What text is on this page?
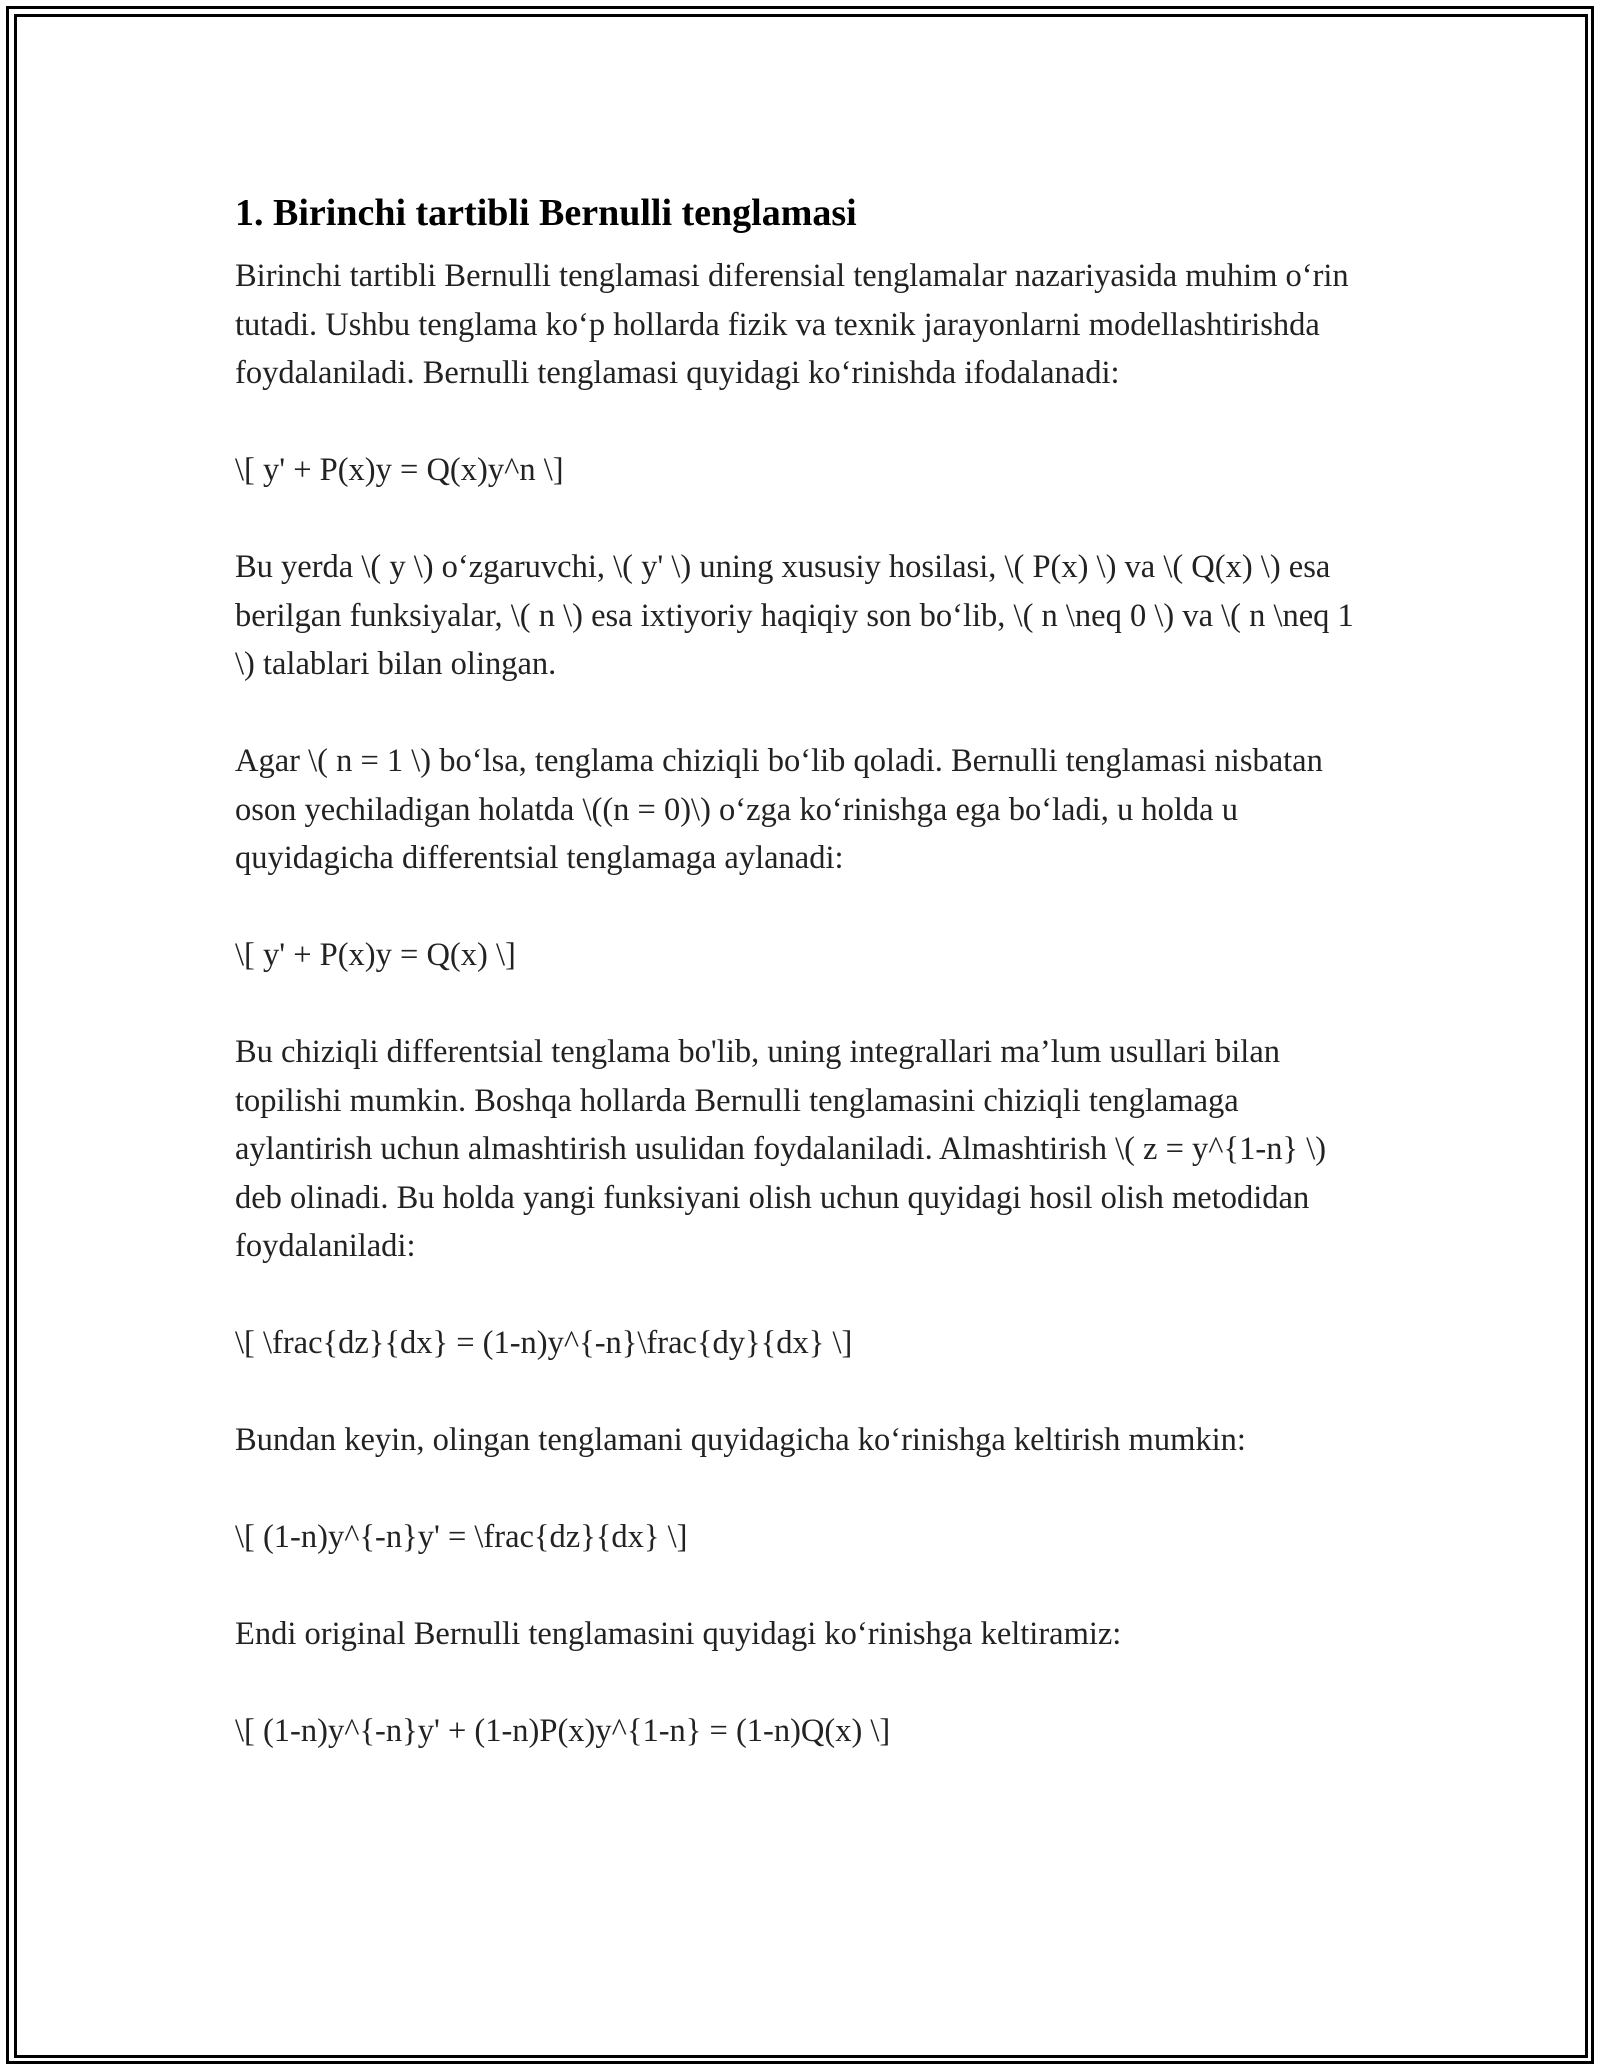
1. Birinchi tartibli Bernulli tenglamasi

Birinchi tartibli Bernulli tenglamasi diferensial tenglamalar nazariyasida muhim o‘rin tutadi. Ushbu tenglama ko‘p hollarda fizik va texnik jarayonlarni modellashtirishda foydalaniladi. Bernulli tenglamasi quyidagi ko‘rinishda ifodalanadi:

\[ y' + P(x)y = Q(x)y^n \]

Bu yerda \( y \) o‘zgaruvchi, \( y' \) uning xususiy hosilasi, \( P(x) \) va \( Q(x) \) esa berilgan funksiyalar, \( n \) esa ixtiyoriy haqiqiy son bo‘lib, \( n \neq 0 \) va \( n \neq 1 \) talablari bilan olingan.

Agar \( n = 1 \) bo‘lsa, tenglama chiziqli bo‘lib qoladi. Bernulli tenglamasi nisbatan oson yechiladigan holatda \((n = 0)\) o‘zga ko‘rinishga ega bo‘ladi, u holda u quyidagicha differentsial tenglamaga aylanadi:

\[ y' + P(x)y = Q(x) \]

Bu chiziqli differentsial tenglama bo'lib, uning integrallari ma’lum usullari bilan topilishi mumkin. Boshqa hollarda Bernulli tenglamasini chiziqli tenglamaga aylantirish uchun almashtirish usulidan foydalaniladi. Almashtirish \( z = y^{1-n} \) deb olinadi. Bu holda yangi funksiyani olish uchun quyidagi hosil olish metodidan foydalaniladi:

\[ \frac{dz}{dx} = (1-n)y^{-n}\frac{dy}{dx} \]

Bundan keyin, olingan tenglamani quyidagicha ko‘rinishga keltirish mumkin:

\[ (1-n)y^{-n}y' = \frac{dz}{dx} \]

Endi original Bernulli tenglamasini quyidagi ko‘rinishga keltiramiz:

\[ (1-n)y^{-n}y' + (1-n)P(x)y^{1-n} = (1-n)Q(x) \]
